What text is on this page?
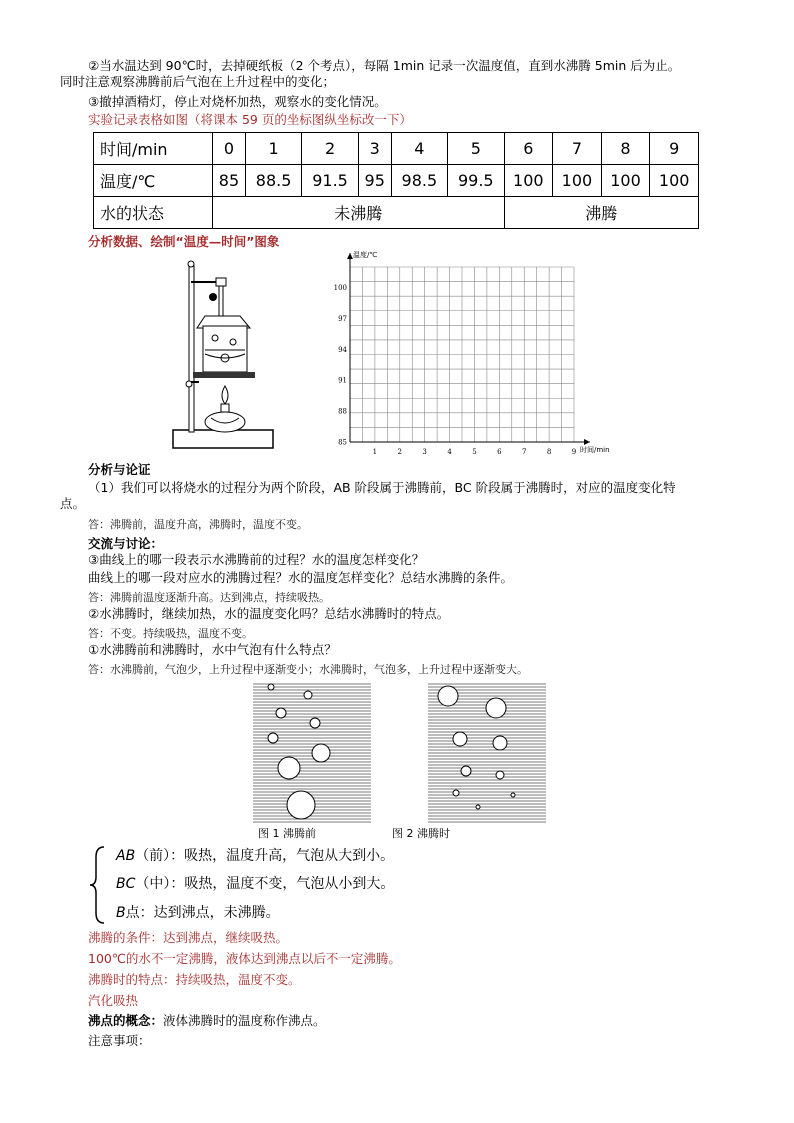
②当水温达到 90℃时，去掉硬纸板（2 个考点），每隔 1min 记录一次温度值，直到水沸腾 5min 后为止。
同时注意观察沸腾前后气泡在上升过程中的变化；
③撤掉酒精灯，停止对烧杯加热，观察水的变化情况。
实验记录表格如图（将课本 59 页的坐标图纵坐标改一下）
时间/min	0	1	2	3	4	5	6	7	8	9
温度/℃	85	88.5	91.5	95	98.5	99.5	100	100	100	100
水的状态	未沸腾						沸腾			
分析数据、绘制“温度—时间”图象
1	2	3	4	5	6	7	8	9
85
88
91
94
97
100
温度/℃
时间/min
分析与论证
（1）我们可以将烧水的过程分为两个阶段，AB 阶段属于沸腾前，BC 阶段属于沸腾时，对应的温度变化特
点。
答：沸腾前，温度升高，沸腾时，温度不变。
交流与讨论：
③曲线上的哪一段表示水沸腾前的过程？水的温度怎样变化？
曲线上的哪一段对应水的沸腾过程？水的温度怎样变化？总结水沸腾的条件。
答：沸腾前温度逐渐升高。达到沸点，持续吸热。
②水沸腾时，继续加热，水的温度变化吗？总结水沸腾时的特点。
答：不变。持续吸热，温度不变。
①水沸腾前和沸腾时，水中气泡有什么特点？
答：水沸腾前，气泡少，上升过程中逐渐变小；水沸腾时，气泡多，上升过程中逐渐变大。
图 1 沸腾前	图 2 沸腾时
AB（前）：吸热，温度升高，气泡从大到小。
BC（中）：吸热，温度不变，气泡从小到大。
B点：达到沸点，未沸腾。
沸腾的条件：达到沸点，继续吸热。
100℃的水不一定沸腾，液体达到沸点以后不一定沸腾。
沸腾时的特点：持续吸热，温度不变。
汽化吸热
沸点的概念：液体沸腾时的温度称作沸点。
注意事项：
